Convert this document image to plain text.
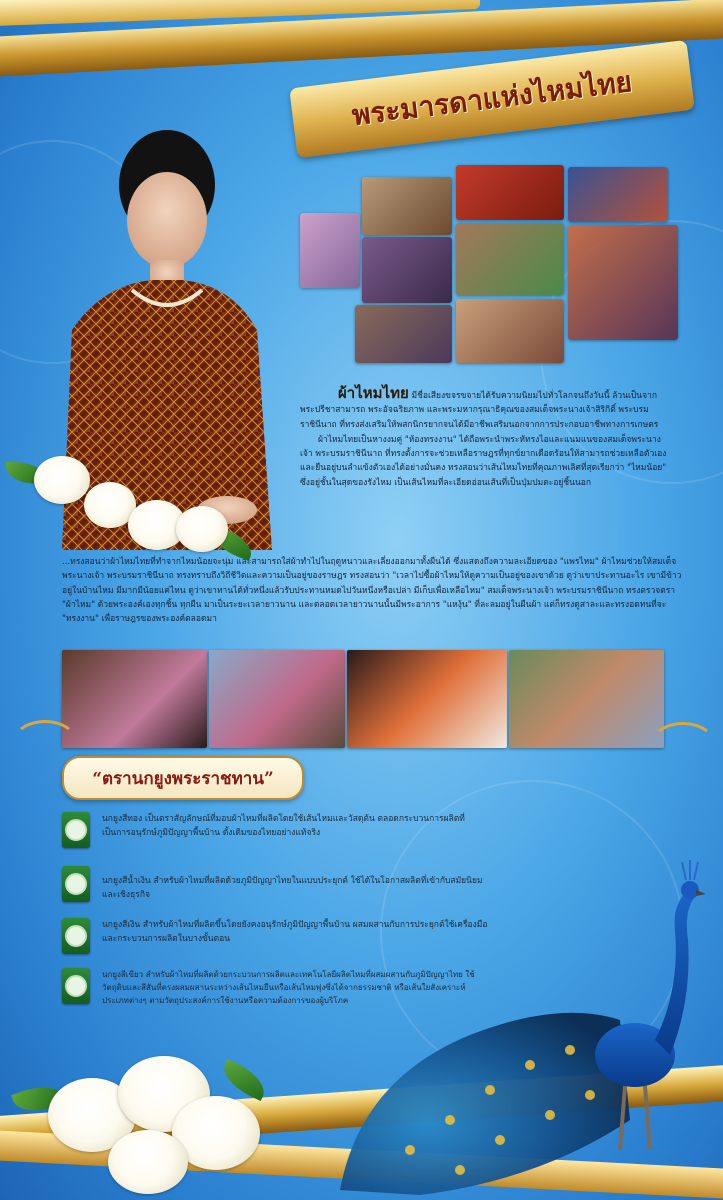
พระมารดาแห่งไหมไทย
ผ้าไหมไทย มีชื่อเสียงขจรขจายได้รับความนิยมไปทั่วโลกจนถึงวันนี้ ล้วนเป็นจาก พระปรีชาสามารถ พระอัจฉริยภาพ และพระมหากรุณาธิคุณของสมเด็จพระนางเจ้าสิริกิติ์ พระบรมราชินีนาถ ที่ทรงส่งเสริมให้พสกนิกรยากจนได้มีอาชีพเสริมนอกจากการประกอบอาชีพทางการเกษตร
ผ้าไหมไทยเป็นหางงมคู่ "ห้องทรงงาน" ได้ถือพระนำพระหัทรงไอและแนมแนของสมเด็จพระนางเจ้า พระบรมราชินีนาถ ที่ทรงตั้งการจะช่วยเหลือราษฎรที่ทุกข์ยากเดือดร้อนให้สามารถช่วยเหลือตัวเอง และยืนอยู่บนลำแข้งตัวเองได้อย่างมั่นคง ทรงสอนว่าเส้นไหมไทยที่คุณภาพเลิศที่สุดเรียกว่า "ไหมน้อย" ซึ่งอยู่ชั้นในสุดของรังไหม เป็นเส้นไหมที่ละเอียดอ่อนเส้นที่เป็นปุ่มปมตะอยู่ชิ้นนอก
...ทรงสอนว่าผ้าไหมไทยที่ทำจากไหมน้อยจะนุ่ม และสามารถใส่ผ้าทำไปในฤดูหนาวและเลี่ยงออกมาทั้งผืนได้ ซึ่งแสดงถึงความละเอียดของ "แพรไหม" ผ้าไหมช่วยให้สมเด็จพระนางเจ้า พระบรมราชินีนาถ ทรงทราบถึงวิถีชีวิตและความเป็นอยู่ของราษฎร ทรงสอนว่า "เวลาไปซื้อผ้าไหมให้ดูความเป็นอยู่ของเขาด้วย ดูว่าเขาประทานอะไร เขามีข้าวอยู่ในบ้านไหม มีมากมีน้อยแค่ไหน ดูว่าเขาทานได้ทั่วหนึ่งแล้วรับประทานหมดไปวันหนึ่งหรือเปล่า มีเก็บเพื่อเหลือไหม" สมเด็จพระนางเจ้า พระบรมราชินีนาถ ทรงตรวจตรา "ผ้าไหม" ด้วยพระองค์เองทุกชิ้น ทุกผืน มาเป็นระยะเวลายาวนาน และตลอดเวลายาวนานนั้นมีพระอาการ "แหงุ้น" ที่ละลมอยู่ในผืนผ้า แต่ก็ทรงดูสาละและทรงอดทนที่จะ "ทรงงาน" เพื่อราษฎรของพระองค์ตลอดมา
“ตรานกยูงพระราชทาน”
นกยูงสีทอง เป็นตราสัญลักษณ์ที่มอบผ้าไหมที่ผลิตโดยใช้เส้นไหมและวัสดุต้น ตลอดกระบวนการผลิตที่เป็นการอนุรักษ์ภูมิปัญญาพื้นบ้าน ดั้งเดิมของไทยอย่างแท้จริง
นกยูงสีน้ำเงิน สำหรับผ้าไหมที่ผลิตด้วยภูมิปัญญาไทยในแบบประยุกต์ ใช้ได้ในโอกาสผลิตที่เข้ากับสมัยนิยมและเชิงธุรกิจ
นกยูงสีเงิน สำหรับผ้าไหมที่ผลิตขึ้นโดยยังคงอนุรักษ์ภูมิปัญญาพื้นบ้าน ผสมผสานกับการประยุกต์ใช้เครื่องมือ และกระบวนการผลิตในบางขั้นตอน
นกยูงสีเขียว สำหรับผ้าไหมที่ผลิตด้วยกระบวนการผลิตและเทคโนโลยีผลิตไหมที่ผสมผสานกับภูมิปัญญาไทย ใช้วัตถุดิบและสีสันที่ตรงผสมผสานระหว่างเส้นไหมยืนหรือเส้นไหมพุ่งซึ่งได้จากธรรมชาติ หรือเส้นใยสังเคราะห์ประเภทต่างๆ ตามวัตถุประสงค์การใช้งานหรือความต้องการของผู้บริโภค
